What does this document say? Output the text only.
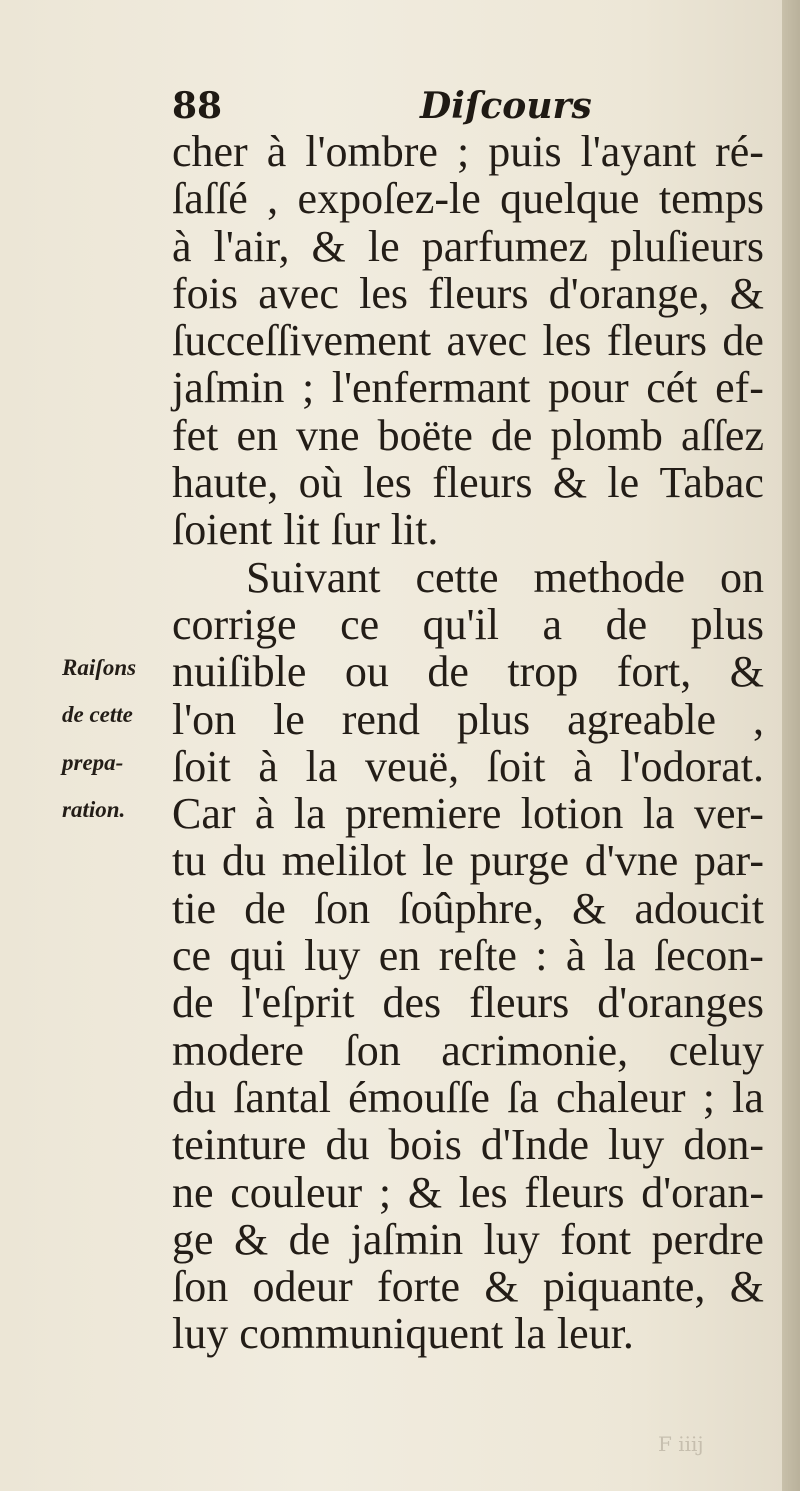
88	Diſcours
cher à l'ombre ; puis l'ayant ré-
ſaſſé , expoſez-le quelque temps
à l'air, & le parfumez pluſieurs
fois avec les fleurs d'orange, &
ſucceſſivement avec les fleurs de
jaſmin ; l'enfermant pour cét ef-
fet en vne boëte de plomb aſſez
haute, où les fleurs & le Tabac
ſoient lit ſur lit.
Suivant cette methode on
corrige ce qu'il a de plus
nuiſible ou de trop fort, &
l'on le rend plus agreable ,
ſoit à la veuë, ſoit à l'odorat.
Car à la premiere lotion la ver-
tu du melilot le purge d'vne par-
tie de ſon ſoûphre, & adoucit
ce qui luy en reſte : à la ſecon-
de l'eſprit des fleurs d'oranges
modere ſon acrimonie, celuy
du ſantal émouſſe ſa chaleur ; la
teinture du bois d'Inde luy don-
ne couleur ; & les fleurs d'oran-
ge & de jaſmin luy font perdre
ſon odeur forte & piquante, &
luy communiquent la leur.
Raiſons
de cette
prepa-
ration.
F iiij
